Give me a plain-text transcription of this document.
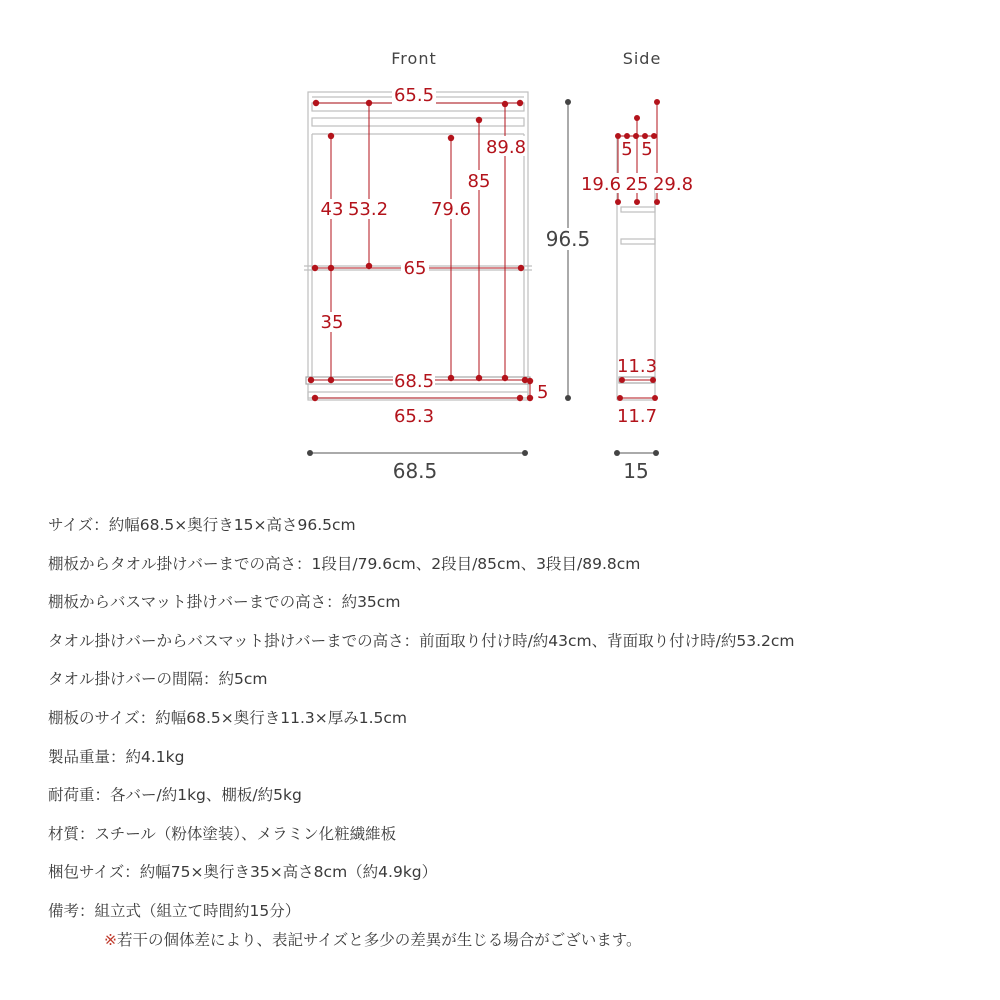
Front	Side
65.5
89.8
85
79.6
43 53.2
65
35
68.5
5
65.3
96.5
68.5
5 5
19.6 25 29.8
11.3
11.7
15
サイズ：約幅68.5×奥行き15×高さ96.5cm
棚板からタオル掛けバーまでの高さ：1段目/79.6cm、2段目/85cm、3段目/89.8cm
棚板からバスマット掛けバーまでの高さ：約35cm
タオル掛けバーからバスマット掛けバーまでの高さ：前面取り付け時/約43cm、背面取り付け時/約53.2cm
タオル掛けバーの間隔：約5cm
棚板のサイズ：約幅68.5×奥行き11.3×厚み1.5cm
製品重量：約4.1kg
耐荷重：各バー/約1kg、棚板/約5kg
材質：スチール（粉体塗装）、メラミン化粧繊維板
梱包サイズ：約幅75×奥行き35×高さ8cm（約4.9kg）
備考：組立式（組立て時間約15分）
※若干の個体差により、表記サイズと多少の差異が生じる場合がございます。
